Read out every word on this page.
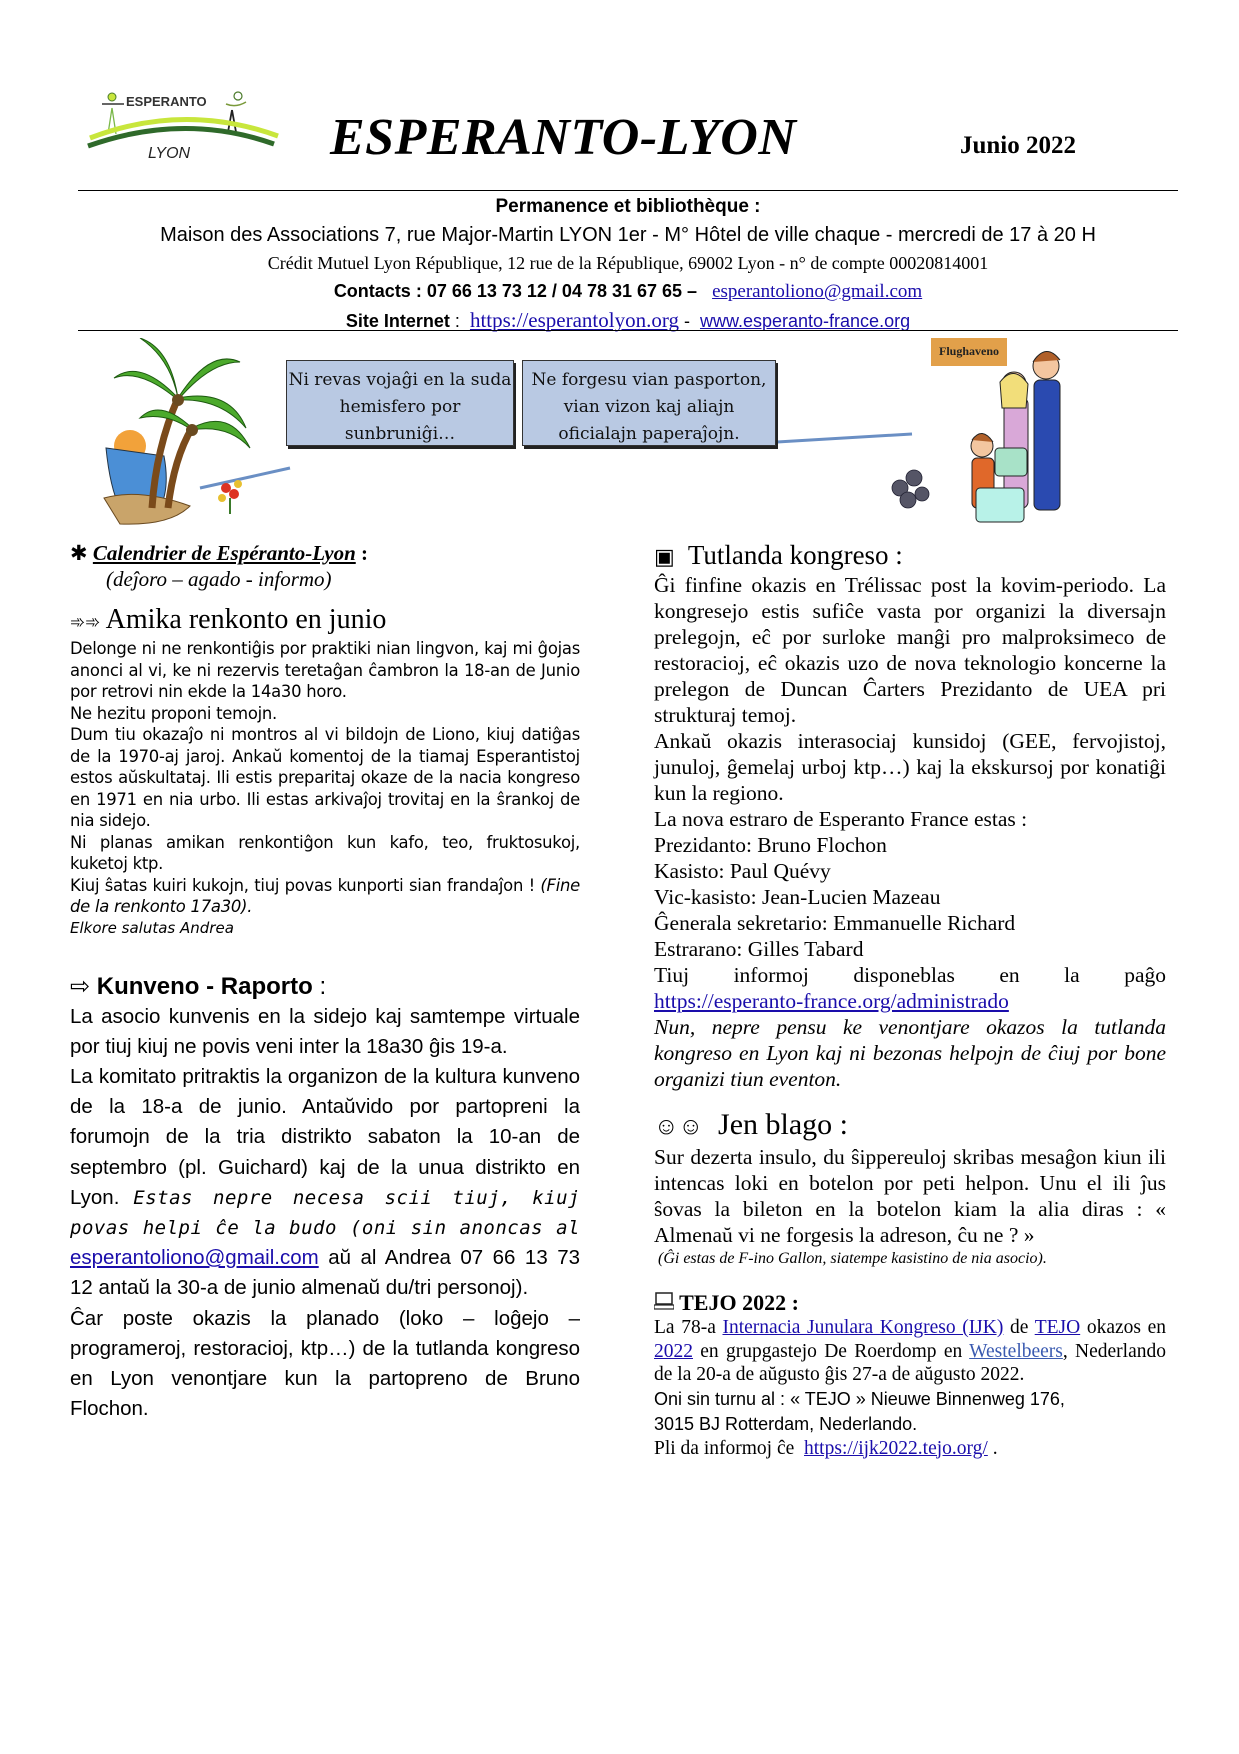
ESPERANTO
LYON	ESPERANTO-LYON	Junio 2022
Permanence et bibliothèque :
Maison des Associations 7, rue Major-Martin LYON 1er - M° Hôtel de ville chaque - mercredi de 17 à 20 H
Crédit Mutuel Lyon République, 12 rue de la République, 69002 Lyon - n° de compte 00020814001
Contacts : 07 66 13 73 12 / 04 78 31 67 65 – esperantoliono@gmail.com
Site Internet : https://esperantolyon.org -  www.esperanto-france.org
Ni revas vojaĝi en la suda hemisfero por sunbruniĝi…
Ne forgesu vian pasporton, vian vizon kaj aliajn oficialajn paperaĵojn.
Flughaveno
✱ Calendrier de Espéranto-Lyon :
(deĵoro – agado - informo)
➾➾ Amika renkonto en junio

Delonge ni ne renkontiĝis por praktiki nian lingvon, kaj mi ĝojas anonci al vi, ke ni rezervis teretaĝan ĉambron la 18-an de Junio por retrovi nin ekde la 14a30 horo.

Ne hezitu proponi temojn.

Dum tiu okazaĵo ni montros al vi bildojn de Liono, kiuj datiĝas de la 1970-aj jaroj. Ankaŭ komentoj de la tiamaj Esperantistoj estos aŭskultataj. Ili estis preparitaj okaze de la nacia kongreso en 1971 en nia urbo. Ili estas arkivaĵoj trovitaj en la ŝrankoj de nia sidejo.

Ni planas amikan renkontiĝon kun kafo, teo, fruktosukoj, kuketoj ktp.

Kiuj ŝatas kuiri kukojn, tiuj povas kunporti sian frandaĵon ! (Fine de la renkonto 17a30).

Elkore salutas Andrea
⇨ Kunveno - Raporto :

La asocio kunvenis en la sidejo kaj samtempe virtuale por tiuj kiuj ne povis veni inter la 18a30 ĝis 19-a.

La komitato pritraktis la organizon de la kultura kunveno de la 18-a de junio. Antaŭvido por partopreni la forumojn de la tria distrikto sabaton la 10-an de septembro (pl. Guichard) kaj de la unua distrikto en Lyon. Estas nepre necesa scii tiuj, kiuj povas helpi ĉe la budo (oni sin anoncas al esperantoliono@gmail.com aŭ al Andrea 07 66 13 73 12 antaŭ la 30-a de junio almenaŭ du/tri personoj).

Ĉar poste okazis la planado (loko – loĝejo – programeroj, restoracioj, ktp…) de la tutlanda kongreso en Lyon venontjare kun la partopreno de Bruno Flochon.

▣ Tutlanda kongreso :

Ĝi finfine okazis en Trélissac post la kovim-periodo. La kongresejo estis sufiĉe vasta por organizi la diversajn prelegojn, eĉ por surloke manĝi pro malproksimeco de restoracioj, eĉ okazis uzo de nova teknologio koncerne la prelegon de Duncan Ĉarters Prezidanto de UEA pri strukturaj temoj.

Ankaŭ okazis interasociaj kunsidoj (GEE, fervojistoj, junuloj, ĝemelaj urboj ktp…) kaj la ekskursoj por konatiĝi kun la regiono.

La nova estraro de Esperanto France estas :

Prezidanto: Bruno Flochon

Kasisto: Paul Quévy

Vic-kasisto: Jean-Lucien Mazeau

Ĝenerala sekretario: Emmanuelle Richard

Estrarano: Gilles Tabard

Tiuj informoj disponeblas en la paĝo

https://esperanto-france.org/administrado

Nun, nepre pensu ke venontjare okazos la tutlanda kongreso en Lyon kaj ni bezonas helpojn de ĉiuj por bone organizi tiun eventon.

☺☺ Jen blago :

Sur dezerta insulo, du ŝippereuloj skribas mesaĝon kiun ili intencas loki en botelon por peti helpon. Unu el ili ĵus ŝovas la bileton en la botelon kiam la alia diras : « Almenaŭ vi ne forgesis la adreson, ĉu ne ? »

(Ĝi estas de F-ino Gallon, siatempe kasistino de nia asocio).
TEJO 2022 :

La 78-a Internacia Junulara Kongreso (IJK) de TEJO okazos en 2022 en grupgastejo De Roerdomp en Westelbeers, Nederlando de la 20-a de aŭgusto ĝis 27-a de aŭgusto 2022.

Oni sin turnu al : « TEJO » Nieuwe Binnenweg 176,
3015 BJ Rotterdam, Nederlando.
Pli da informoj ĉe  https://ijk2022.tejo.org/ .
